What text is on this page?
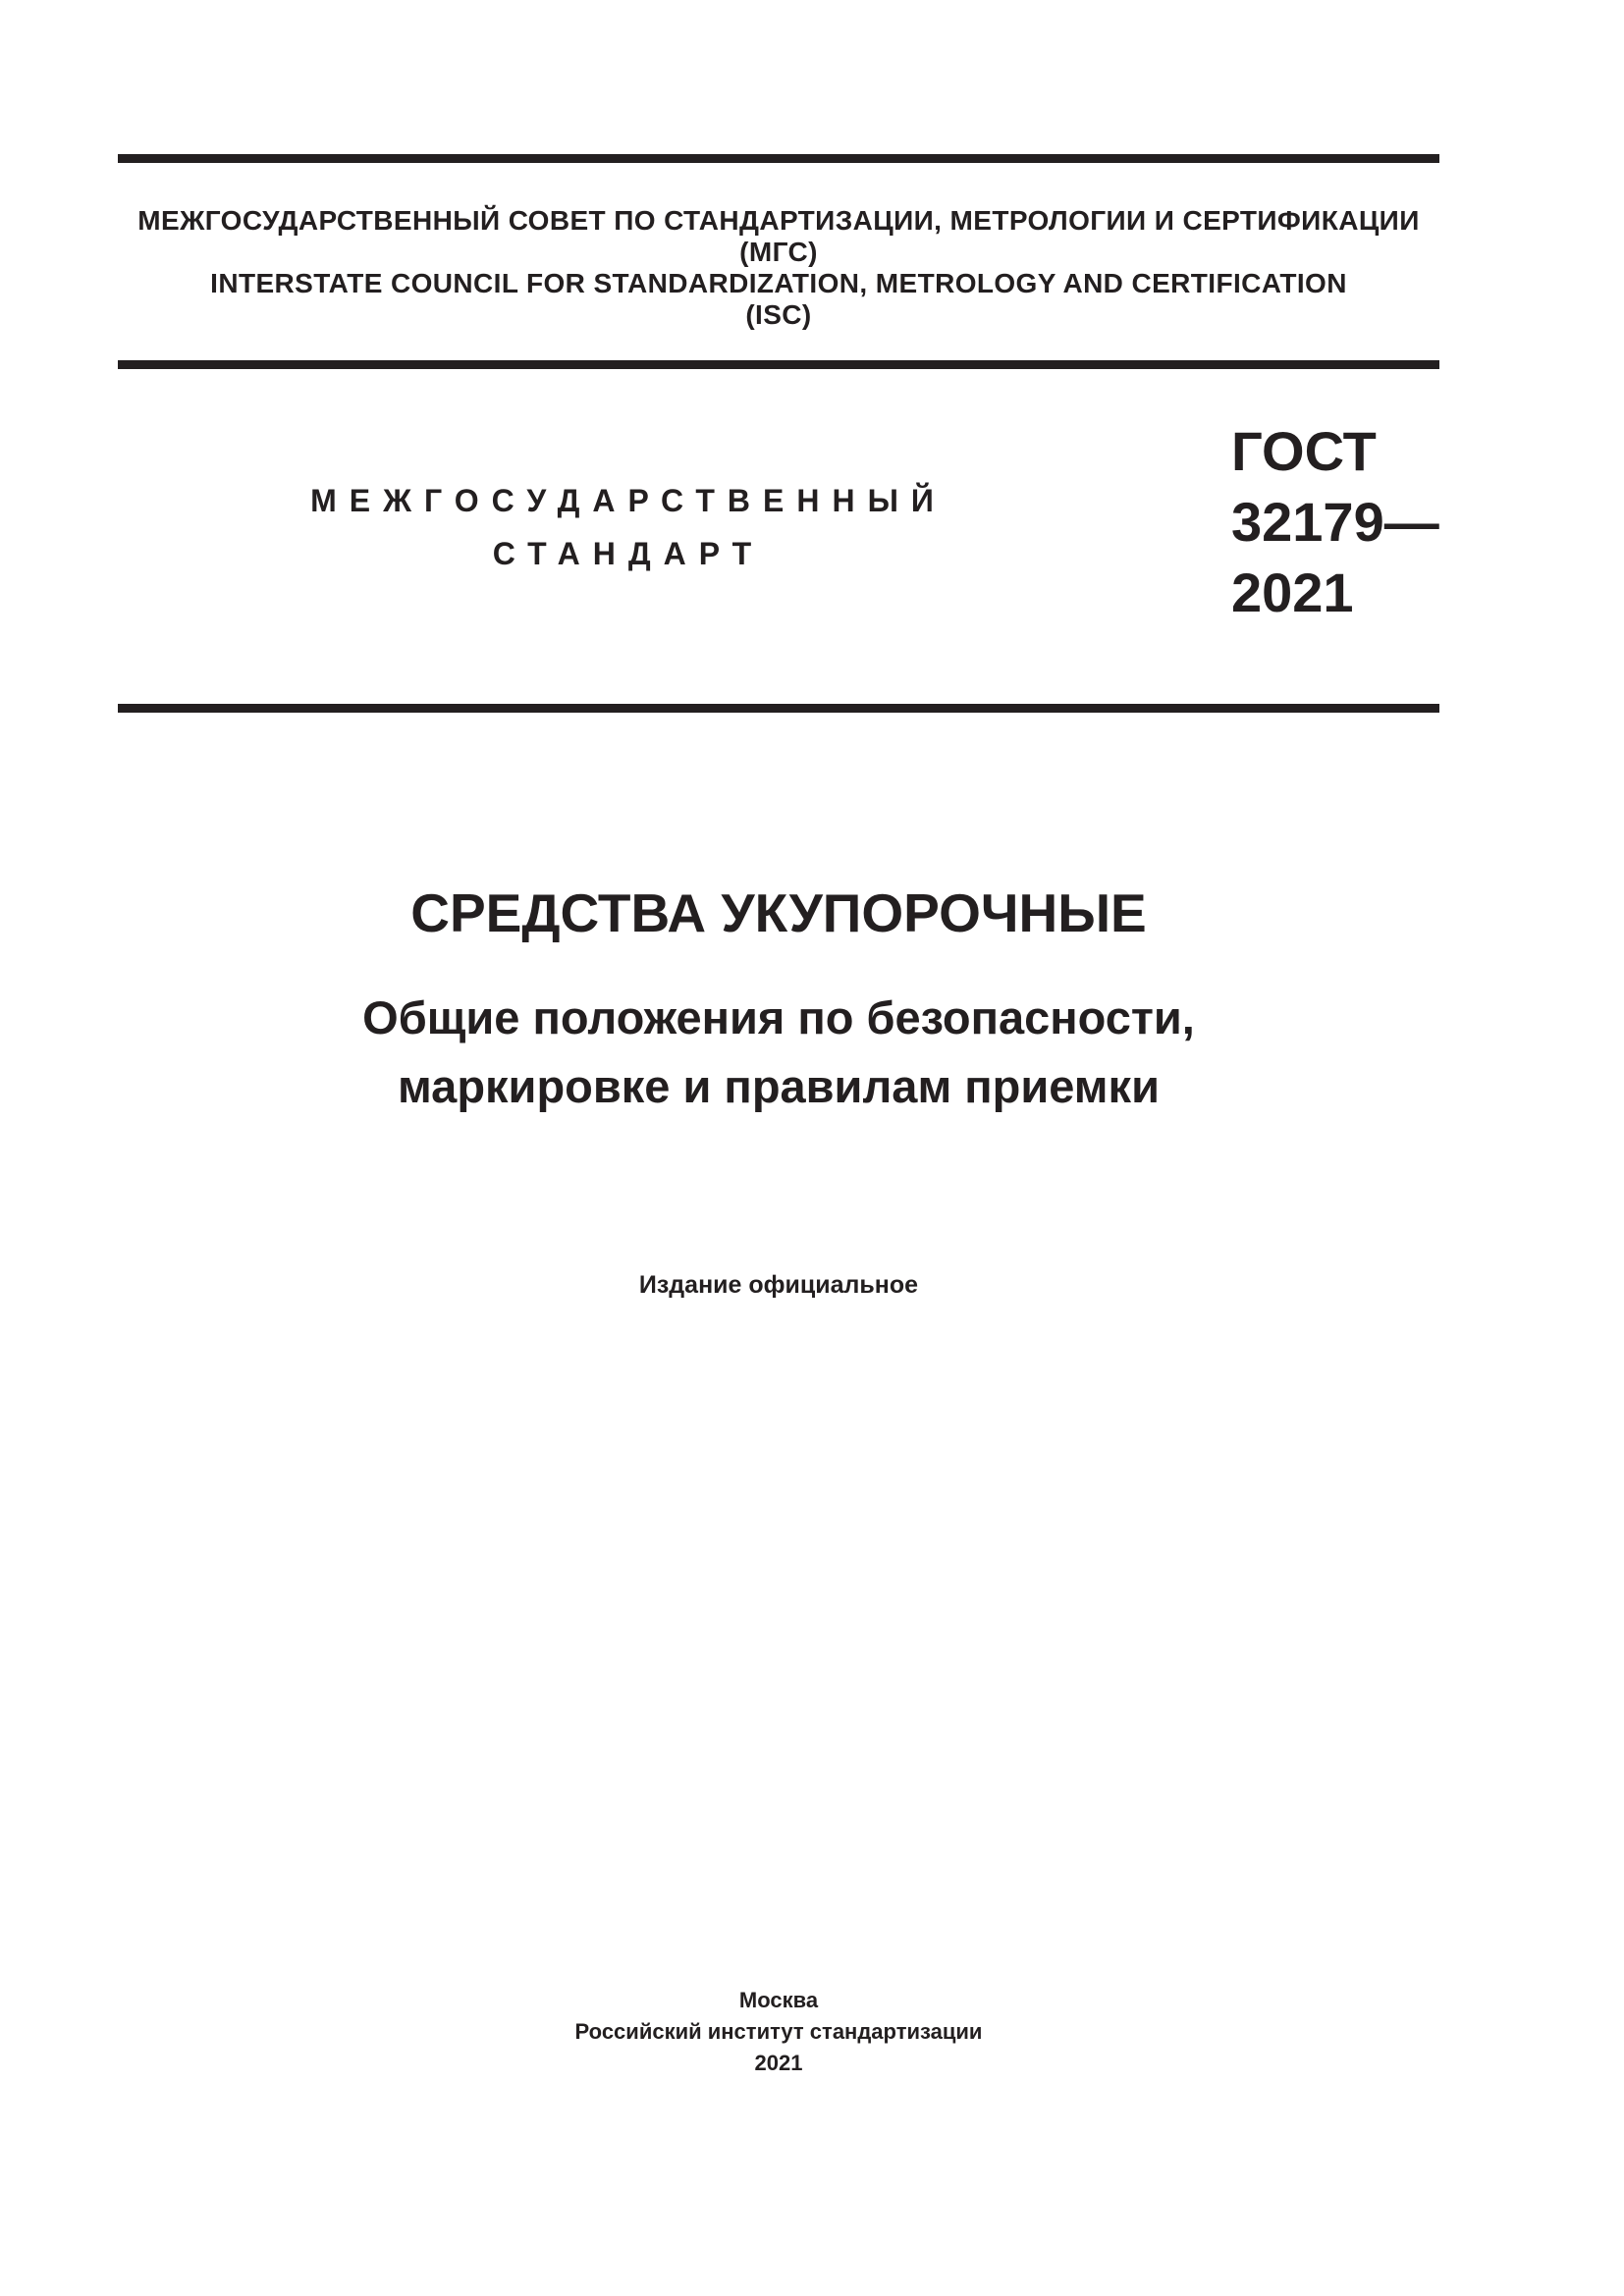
МЕЖГОСУДАРСТВЕННЫЙ СОВЕТ ПО СТАНДАРТИЗАЦИИ, МЕТРОЛОГИИ И СЕРТИФИКАЦИИ
(МГС)
INTERSTATE COUNCIL FOR STANDARDIZATION, METROLOGY AND CERTIFICATION
(ISC)
МЕЖГОСУДАРСТВЕННЫЙ
СТАНДАРТ
ГОСТ
32179—
2021
СРЕДСТВА УКУПОРОЧНЫЕ
Общие положения по безопасности,
маркировке и правилам приемки
Издание официальное
Москва
Российский институт стандартизации
2021
